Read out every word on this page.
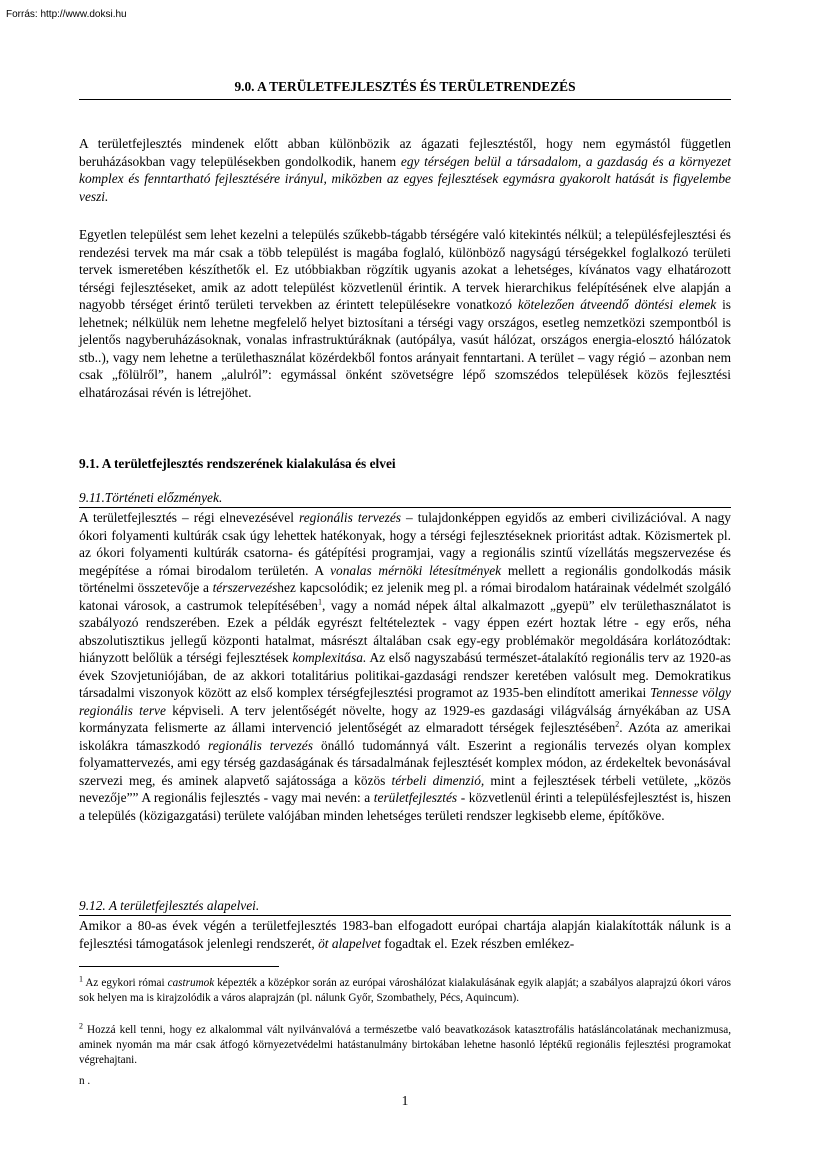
Forrás: http://www.doksi.hu
9.0. A TERÜLETFEJLESZTÉS ÉS TERÜLETRENDEZÉS

A területfejlesztés mindenek előtt abban különbözik az ágazati fejlesztéstől, hogy nem egymástól független beruházásokban vagy településekben gondolkodik, hanem egy térségen belül a társadalom, a gazdaság és a környezet komplex és fenntartható fejlesztésére irányul, miközben az egyes fejlesztések egymásra gyakorolt hatását is figyelembe veszi.

Egyetlen települést sem lehet kezelni a település szűkebb-tágabb térségére való kitekintés nélkül; a településfejlesztési és rendezési tervek ma már csak a több települést is magába foglaló, különböző nagyságú térségekkel foglalkozó területi tervek ismeretében készíthetők el. Ez utóbbiakban rögzítik ugyanis azokat a lehetséges, kívánatos vagy elhatározott térségi fejlesztéseket, amik az adott települést közvetlenül érintik. A tervek hierarchikus felépítésének elve alapján a nagyobb térséget érintő területi tervekben az érintett településekre vonatkozó kötelezően átveendő döntési elemek is lehetnek; nélkülük nem lehetne megfelelő helyet biztosítani a térségi vagy országos, esetleg nemzetközi szempontból is jelentős nagyberuházásoknak, vonalas infrastruktúráknak (autópálya, vasút hálózat, országos energia-elosztó hálózatok stb..), vagy nem lehetne a területhasználat közérdekből fontos arányait fenntartani. A terület – vagy régió – azonban nem csak „fölülről”, hanem „alulról”: egymással önként szövetségre lépő szomszédos települések közös fejlesztési elhatározásai révén is létrejöhet.

9.1. A területfejlesztés rendszerének kialakulása és elvei
9.11.Történeti előzmények.

A területfejlesztés – régi elnevezésével regionális tervezés – tulajdonképpen egyidős az emberi civilizációval. A nagy ókori folyamenti kultúrák csak úgy lehettek hatékonyak, hogy a térségi fejlesztéseknek prioritást adtak. Közismertek pl. az ókori folyamenti kultúrák csatorna- és gátépítési programjai, vagy a regionális szintű vízellátás megszervezése és megépítése a római birodalom területén. A vonalas mérnöki létesítmények mellett a regionális gondolkodás másik történelmi összetevője a térszervezéshez kapcsolódik; ez jelenik meg pl. a római birodalom határainak védelmét szolgáló katonai városok, a castrumok telepítésében$^1$, vagy a nomád népek által alkalmazott „gyepü” elv területhasználatot is szabályozó rendszerében. Ezek a példák egyrészt feltételeztek - vagy éppen ezért hoztak létre - egy erős, néha abszolutisztikus jellegű központi hatalmat, másrészt általában csak egy-egy problémakör megoldására korlátozódtak: hiányzott belőlük a térségi fejlesztések komplexitása. Az első nagyszabású természet-átalakító regionális terv az 1920-as évek Szovjetuniójában, de az akkori totalitárius politikai-gazdasági rendszer keretében valósult meg. Demokratikus társadalmi viszonyok között az első komplex térségfejlesztési programot az 1935-ben elindított amerikai Tennesse völgy regionális terve képviseli. A terv jelentőségét növelte, hogy az 1929-es gazdasági világválság árnyékában az USA kormányzata felismerte az állami intervenció jelentőségét az elmaradott térségek fejlesztésében$^2$. Azóta az amerikai iskolákra támaszkodó regionális tervezés önálló tudománnyá vált. Eszerint a regionális tervezés olyan komplex folyamattervezés, ami egy térség gazdaságának és társadalmának fejlesztését komplex módon, az érdekeltek bevonásával szervezi meg, és aminek alapvető sajátossága a közös térbeli dimenzió, mint a fejlesztések térbeli vetülete, „közös nevezője”” A regionális fejlesztés - vagy mai nevén: a területfejlesztés - közvetlenül érinti a településfejlesztést is, hiszen a település (közigazgatási) területe valójában minden lehetséges területi rendszer legkisebb eleme, építőköve.

9.12. A területfejlesztés alapelvei.

Amikor a 80-as évek végén a területfejlesztés 1983-ban elfogadott európai chartája alapján kialakították nálunk is a fejlesztési támogatások jelenlegi rendszerét, öt alapelvet fogadtak el. Ezek részben emlékez-

$^1$ Az egykori római castrumok képezték a középkor során az európai városhálózat kialakulásának egyik alapját; a szabályos alaprajzú ókori város sok helyen ma is kirajzolódik a város alaprajzán (pl. nálunk Győr, Szombathely, Pécs, Aquincum).

$^2$ Hozzá kell tenni, hogy ez alkalommal vált nyilvánvalóvá a természetbe való beavatkozások katasztrofális hatásláncolatának mechanizmusa, aminek nyomán ma már csak átfogó környezetvédelmi hatástanulmány birtokában lehetne hasonló léptékű regionális fejlesztési programokat végrehajtani.

n .

1
